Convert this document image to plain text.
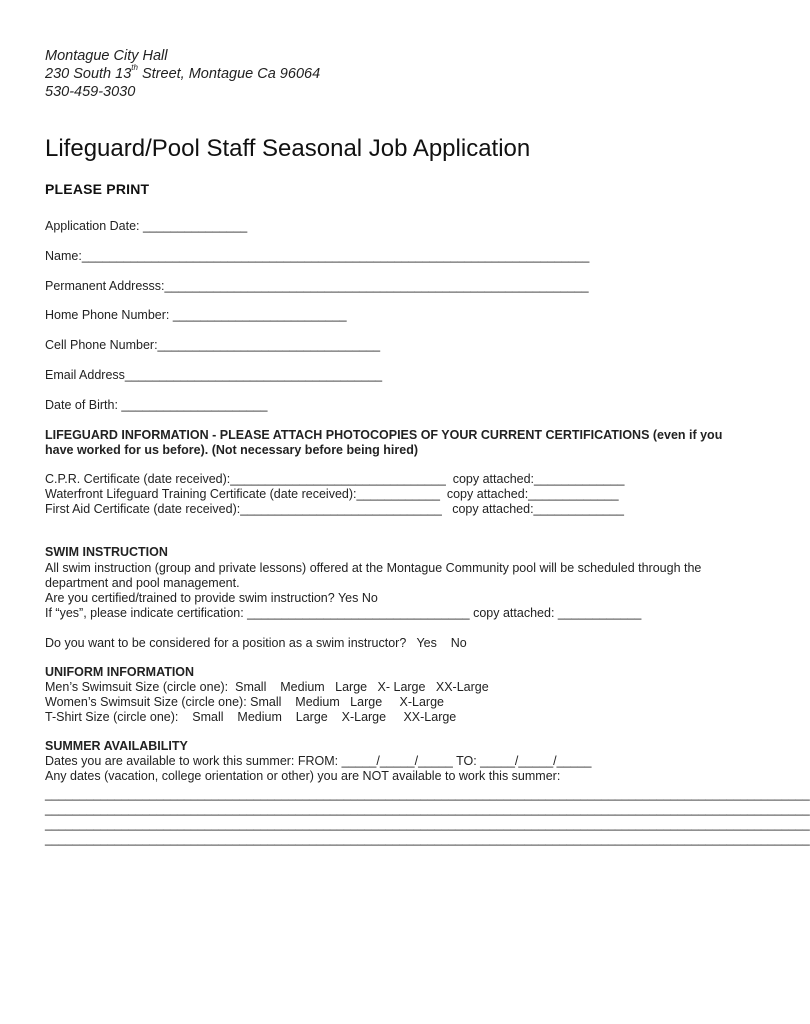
Montague City Hall
230 South 13th Street, Montague Ca 96064
530-459-3030
Lifeguard/Pool Staff Seasonal Job Application
PLEASE PRINT
Application Date: _______________
Name:_________________________________________________________________________
Permanent Addresss:_____________________________________________________________
Home Phone Number: _________________________
Cell Phone Number:________________________________
Email Address_____________________________________
Date of Birth: _____________________
LIFEGUARD INFORMATION - PLEASE ATTACH PHOTOCOPIES OF YOUR CURRENT CERTIFICATIONS (even if you have worked for us before). (Not necessary before being hired)
C.P.R. Certificate (date received):_______________________________  copy attached:_____________
Waterfront Lifeguard Training Certificate (date received):____________  copy attached:_____________
First Aid Certificate (date received):_____________________________   copy attached:_____________
SWIM INSTRUCTION
All swim instruction (group and private lessons) offered at the Montague Community pool will be scheduled through the department and pool management.
Are you certified/trained to provide swim instruction? Yes No
If “yes”, please indicate certification: ________________________________ copy attached: ____________
Do you want to be considered for a position as a swim instructor?   Yes    No
UNIFORM INFORMATION
Men’s Swimsuit Size (circle one):  Small    Medium   Large   X- Large   XX-Large
Women’s Swimsuit Size (circle one): Small    Medium   Large     X-Large
T-Shirt Size (circle one):    Small    Medium    Large    X-Large     XX-Large
SUMMER AVAILABILITY
Dates you are available to work this summer: FROM: _____/_____/_____ TO: _____/_____/_____
Any dates (vacation, college orientation or other) you are NOT available to work this summer:
______________________________________________________________________________________________________________
______________________________________________________________________________________________________________
______________________________________________________________________________________________________________
______________________________________________________________________________________________________________
